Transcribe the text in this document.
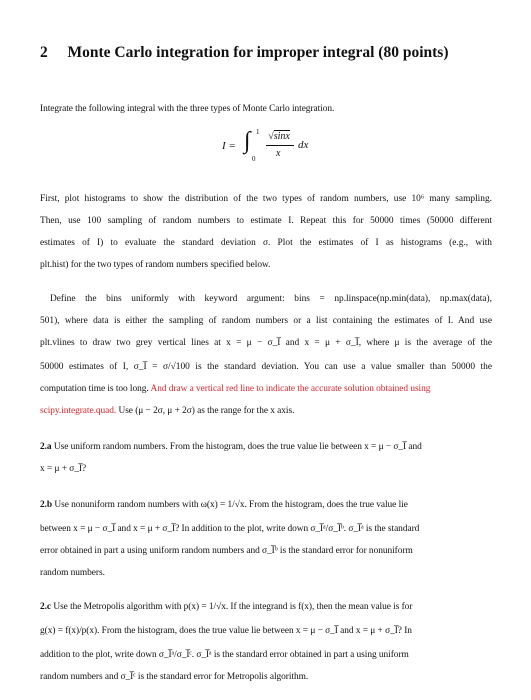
2 Monte Carlo integration for improper integral (80 points)
Integrate the following integral with the three types of Monte Carlo integration.
I = ∫ 1
0
√sinx
x
dx
First, plot histograms to show the distribution of the two types of random numbers, use 10⁶ many sampling.
Then, use 100 sampling of random numbers to estimate I. Repeat this for 50000 times (50000 different
estimates of I) to evaluate the standard deviation σ. Plot the estimates of I as histograms (e.g., with
plt.hist) for the two types of random numbers specified below.
Define the bins uniformly with keyword argument: bins = np.linspace(np.min(data), np.max(data),
501), where data is either the sampling of random numbers or a list containing the estimates of I. And use
plt.vlines to draw two grey vertical lines at x = μ − σ_I̅ and x = μ + σ_I̅, where μ is the average of the
50000 estimates of I, σ_I̅ = σ/√100 is the standard deviation. You can use a value smaller than 50000 the
computation time is too long. And draw a vertical red line to indicate the accurate solution obtained using
scipy.integrate.quad. Use (μ − 2σ, μ + 2σ) as the range for the x axis.
2.a Use uniform random numbers. From the histogram, does the true value lie between x = μ − σ_I̅ and
x = μ + σ_I̅?
2.b Use nonuniform random numbers with ω(x) = 1/√x. From the histogram, does the true value lie
between x = μ − σ_I̅ and x = μ + σ_I̅? In addition to the plot, write down σ_I̅ᵃ/σ_I̅ᵇ. σ_I̅ᵃ is the standard
error obtained in part a using uniform random numbers and σ_I̅ᵇ is the standard error for nonuniform
random numbers.
2.c Use the Metropolis algorithm with p(x) = 1/√x. If the integrand is f(x), then the mean value is for
g(x) = f(x)/p(x). From the histogram, does the true value lie between x = μ − σ_I̅ and x = μ + σ_I̅? In
addition to the plot, write down σ_I̅ᵃ/σ_I̅ᶜ. σ_I̅ᵃ is the standard error obtained in part a using uniform
random numbers and σ_I̅ᶜ is the standard error for Metropolis algorithm.
